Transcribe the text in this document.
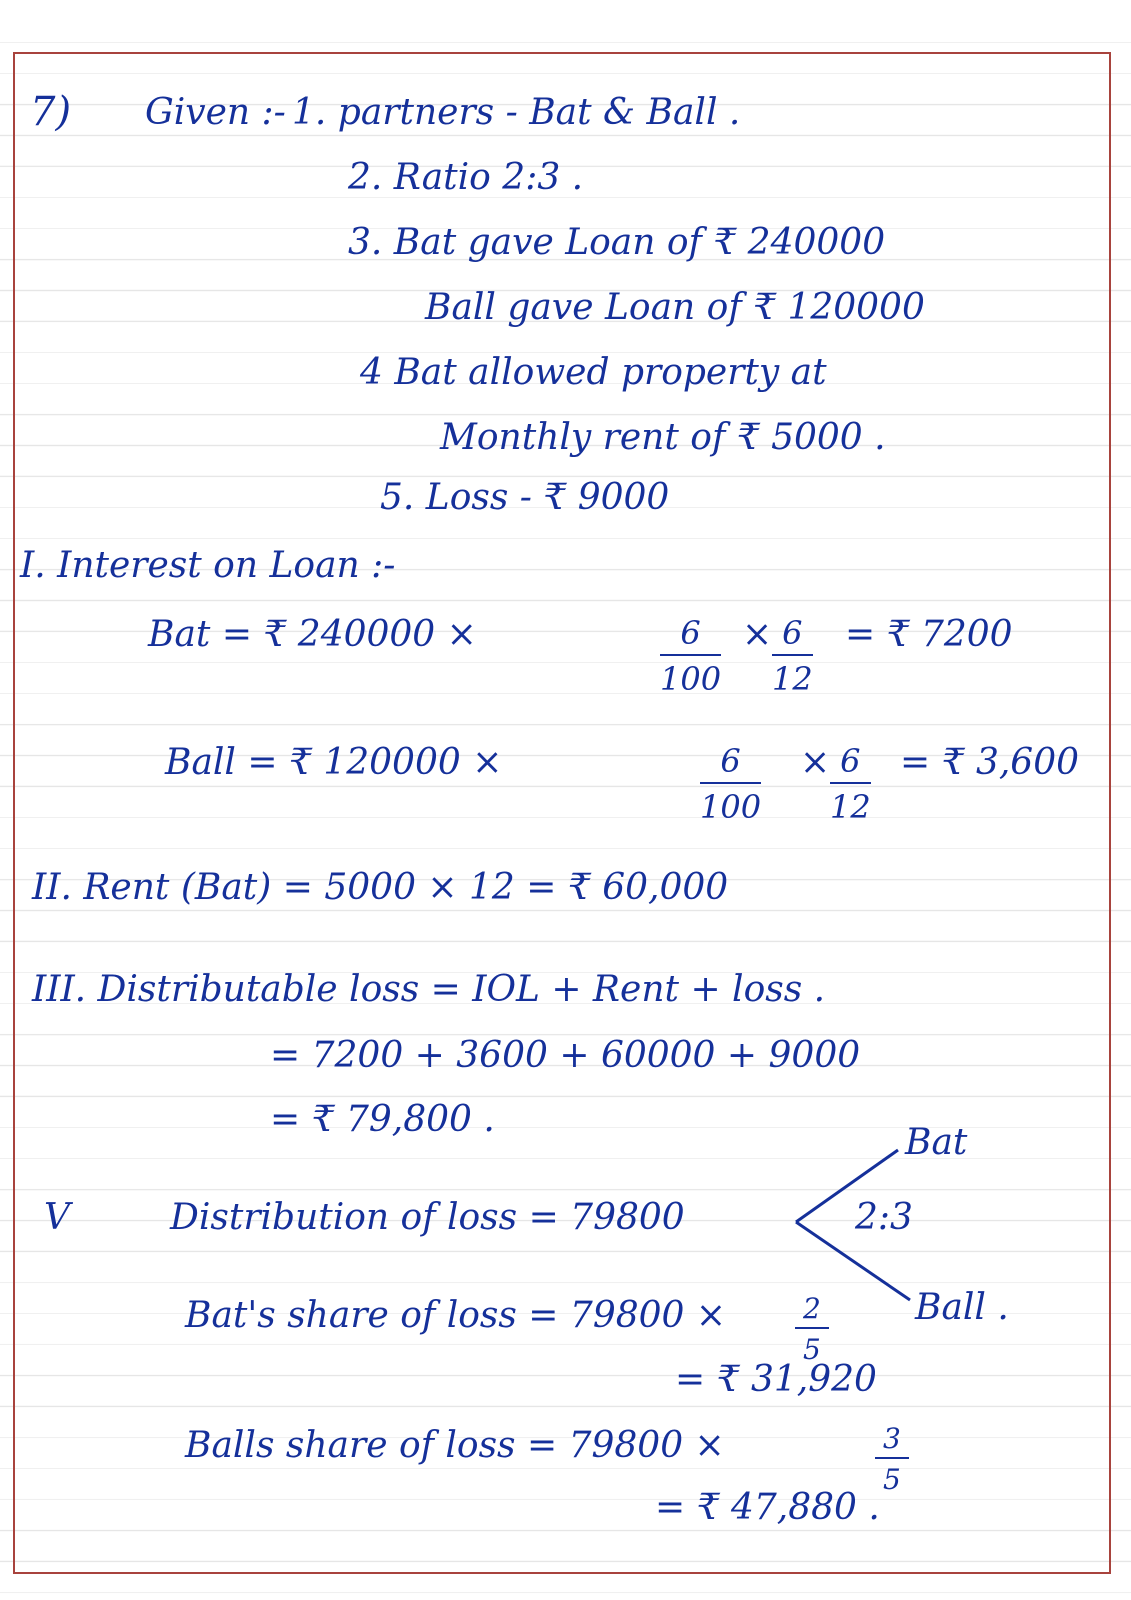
7) Given :- 1. partners - Bat & Ball .
2. Ratio 2:3 .
3. Bat gave Loan of ₹ 240000
Ball gave Loan of ₹ 120000
4 Bat allowed property at
Monthly rent of ₹ 5000 .
5. Loss - ₹ 9000
I. Interest on Loan :-
Bat = ₹ 240000 ×	$\frac{6}{100} \times \frac{6}{12}$ = ₹ 7200
Ball = ₹ 120000 ×	$\frac{6}{100} \times \frac{6}{12}$ = ₹ 3,600
II. Rent (Bat) = 5000 × 12 = ₹ 60,000
III. Distributable loss = IOL + Rent + loss .
= 7200 + 3600 + 60000 + 9000
= ₹ 79,800 .
Bat
V	Distribution of loss = 79800	2:3
Ball .
Bat's share of loss = $79800 \times \frac{2}{5}$
= ₹ 31,920
Balls share of loss = 79800 ×	$\frac{3}{5}$
= ₹ 47,880 .
